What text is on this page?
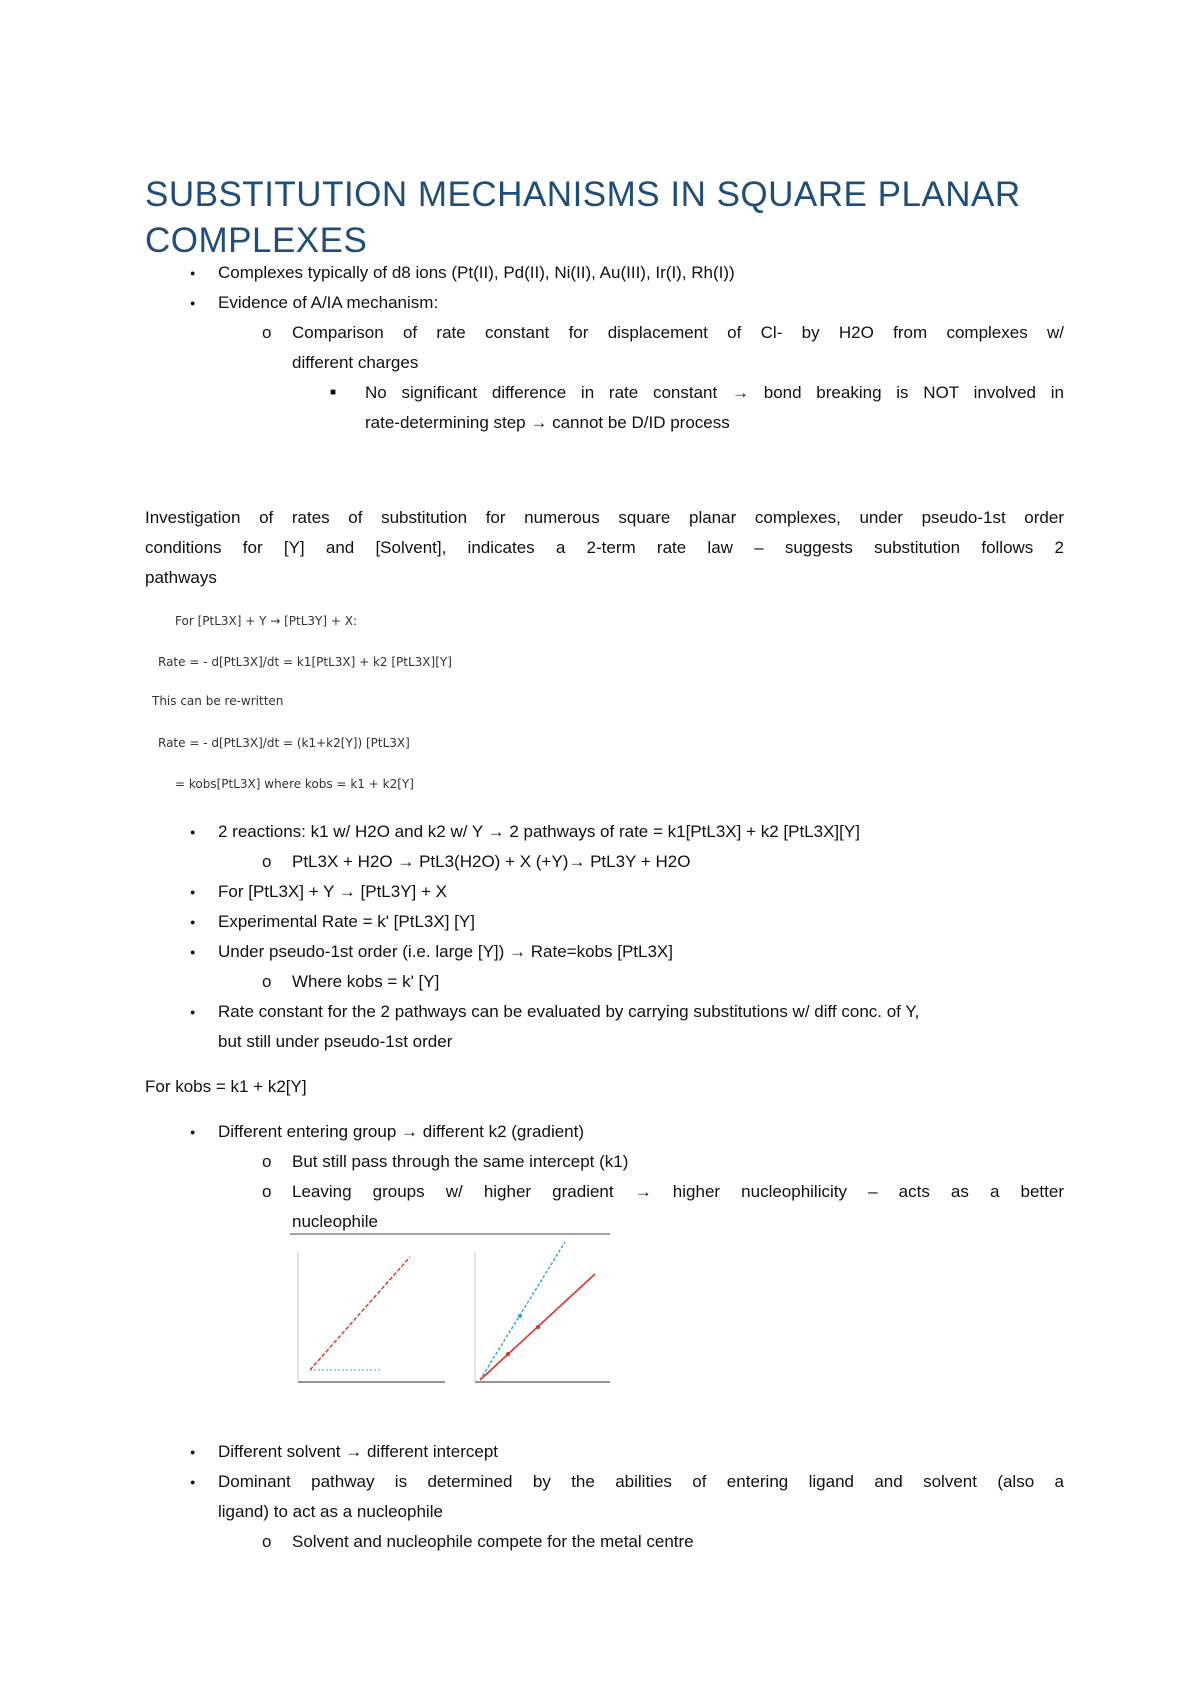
SUBSTITUTION MECHANISMS IN SQUARE PLANAR COMPLEXES
●
Complexes typically of d8 ions (Pt(II), Pd(II), Ni(II), Au(III), Ir(I), Rh(I))
●
Evidence of A/IA mechanism:
o Comparison of rate constant for displacement of Cl- by H2O from complexes w/
different charges
■ No significant difference in rate constant → bond breaking is NOT involved in
rate-determining step → cannot be D/ID process
Investigation of rates of substitution for numerous square planar complexes, under pseudo-1st order
conditions for [Y] and [Solvent], indicates a 2-term rate law – suggests substitution follows 2
pathways
For [PtL3X] + Y → [PtL3Y] + X:
Rate = - d[PtL3X]/dt = k1[PtL3X] + k2 [PtL3X][Y]
This can be re-written
Rate = - d[PtL3X]/dt = (k1+k2[Y]) [PtL3X]
= kobs[PtL3X] where kobs = k1 + k2[Y]
●
2 reactions: k1 w/ H2O and k2 w/ Y → 2 pathways of rate = k1[PtL3X] + k2 [PtL3X][Y]
o PtL3X + H2O → PtL3(H2O) + X (+Y)→ PtL3Y + H2O
●
For [PtL3X] + Y → [PtL3Y] + X
●
Experimental Rate = k' [PtL3X] [Y]
●
Under pseudo-1st order (i.e. large [Y]) → Rate=kobs [PtL3X]
o Where kobs = k' [Y]
●
Rate constant for the 2 pathways can be evaluated by carrying substitutions w/ diff conc. of Y,
but still under pseudo-1st order
For kobs = k1 + k2[Y]
●
Different entering group → different k2 (gradient)
o But still pass through the same intercept (k1)
o Leaving groups w/ higher gradient → higher nucleophilicity – acts as a better
nucleophile
●
Different solvent → different intercept
●
Dominant pathway is determined by the abilities of entering ligand and solvent (also a
ligand) to act as a nucleophile
o Solvent and nucleophile compete for the metal centre
